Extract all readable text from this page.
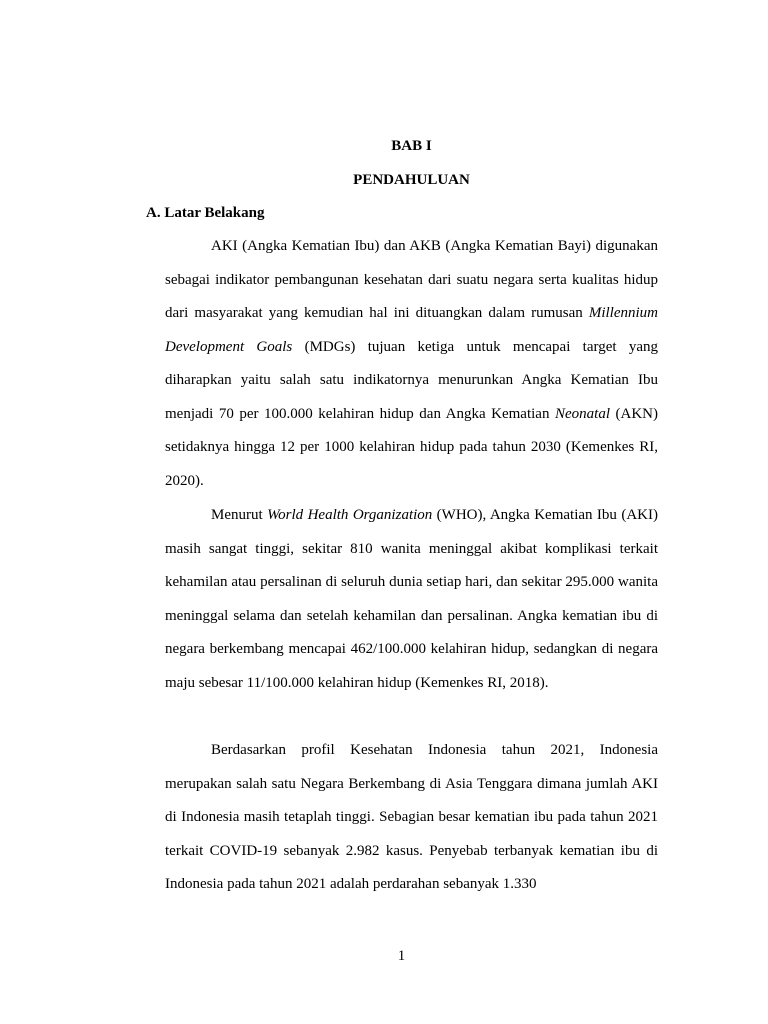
BAB I

PENDAHULUAN

A. Latar Belakang

AKI (Angka Kematian Ibu) dan AKB (Angka Kematian Bayi) digunakan sebagai indikator pembangunan kesehatan dari suatu negara serta kualitas hidup dari masyarakat yang kemudian hal ini dituangkan dalam rumusan Millennium Development Goals (MDGs) tujuan ketiga untuk mencapai target yang diharapkan yaitu salah satu indikatornya menurunkan Angka Kematian Ibu menjadi 70 per 100.000 kelahiran hidup dan Angka Kematian Neonatal (AKN) setidaknya hingga 12 per 1000 kelahiran hidup pada tahun 2030 (Kemenkes RI, 2020).

Menurut World Health Organization (WHO), Angka Kematian Ibu (AKI) masih sangat tinggi, sekitar 810 wanita meninggal akibat komplikasi terkait kehamilan atau persalinan di seluruh dunia setiap hari, dan sekitar 295.000 wanita meninggal selama dan setelah kehamilan dan persalinan. Angka kematian ibu di negara berkembang mencapai 462/100.000 kelahiran hidup, sedangkan di negara maju sebesar 11/100.000 kelahiran hidup (Kemenkes RI, 2018).

Berdasarkan profil Kesehatan Indonesia tahun 2021, Indonesia merupakan salah satu Negara Berkembang di Asia Tenggara dimana jumlah AKI di Indonesia masih tetaplah tinggi. Sebagian besar kematian ibu pada tahun 2021 terkait COVID-19 sebanyak 2.982 kasus. Penyebab terbanyak kematian ibu di Indonesia pada tahun 2021 adalah perdarahan sebanyak 1.330

1
